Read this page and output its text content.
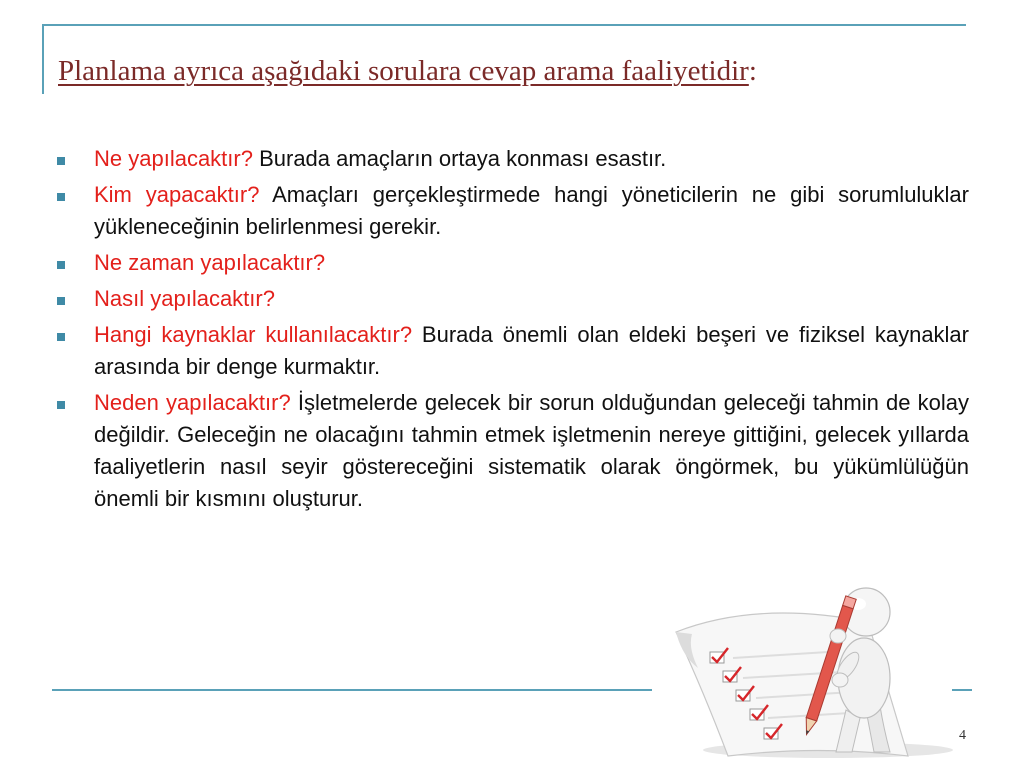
Planlama ayrıca aşağıdaki sorulara cevap arama faaliyetidir:
Ne yapılacaktır? Burada amaçların ortaya konması esastır.
Kim yapacaktır? Amaçları gerçekleştirmede hangi yöneticilerin ne gibi sorumluluklar yükleneceğinin belirlenmesi gerekir.
Ne zaman yapılacaktır?
Nasıl yapılacaktır?
Hangi kaynaklar kullanılacaktır? Burada önemli olan eldeki beşeri ve fiziksel kaynaklar arasında bir denge kurmaktır.
Neden yapılacaktır? İşletmelerde gelecek bir sorun olduğundan geleceği tahmin de kolay değildir. Geleceğin ne olacağını tahmin etmek işletmenin nereye gittiğini, gelecek yıllarda faaliyetlerin nasıl seyir göstereceğini sistematik olarak öngörmek, bu yükümlülüğün önemli bir kısmını oluşturur.
4
